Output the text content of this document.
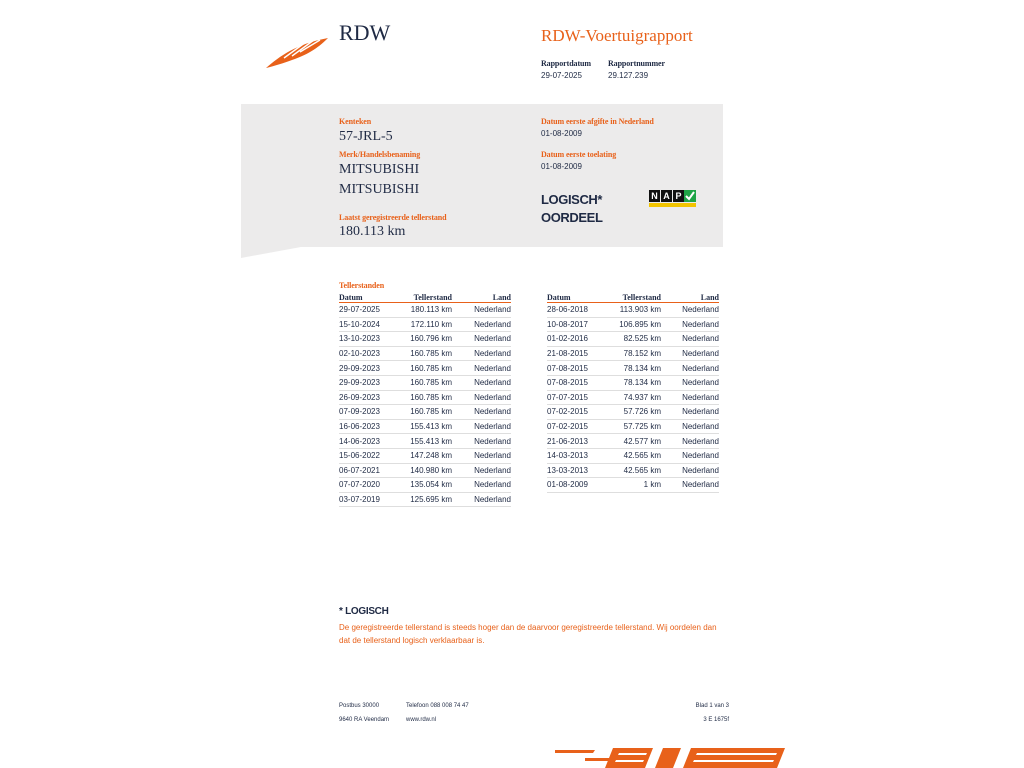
RDW	RDW-Voertuigrapport
Rapportdatum
29-07-2025
Rapportnummer
29.127.239
Kenteken
57-JRL-5
Merk/Handelsbenaming
MITSUBISHI
MITSUBISHI
Laatst geregistreerde tellerstand
180.113 km
Datum eerste afgifte in Nederland
01-08-2009
Datum eerste toelating
01-08-2009
LOGISCH*
OORDEEL
N A P
Tellerstanden
Datum	Tellerstand	Land
29-07-2025	180.113 km	Nederland
15-10-2024	172.110 km	Nederland
13-10-2023	160.796 km	Nederland
02-10-2023	160.785 km	Nederland
29-09-2023	160.785 km	Nederland
29-09-2023	160.785 km	Nederland
26-09-2023	160.785 km	Nederland
07-09-2023	160.785 km	Nederland
16-06-2023	155.413 km	Nederland
14-06-2023	155.413 km	Nederland
15-06-2022	147.248 km	Nederland
06-07-2021	140.980 km	Nederland
07-07-2020	135.054 km	Nederland
03-07-2019	125.695 km	Nederland
Datum	Tellerstand	Land
28-06-2018	113.903 km	Nederland
10-08-2017	106.895 km	Nederland
01-02-2016	82.525 km	Nederland
21-08-2015	78.152 km	Nederland
07-08-2015	78.134 km	Nederland
07-08-2015	78.134 km	Nederland
07-07-2015	74.937 km	Nederland
07-02-2015	57.726 km	Nederland
07-02-2015	57.725 km	Nederland
21-06-2013	42.577 km	Nederland
14-03-2013	42.565 km	Nederland
13-03-2013	42.565 km	Nederland
01-08-2009	1 km	Nederland
* LOGISCH
De geregistreerde tellerstand is steeds hoger dan de daarvoor geregistreerde tellerstand. Wij oordelen dan
dat de tellerstand logisch verklaarbaar is.
Postbus 30000
9640 RA Veendam
Telefoon 088 008 74 47
www.rdw.nl
Blad 1 van 3
3 E 1675f
